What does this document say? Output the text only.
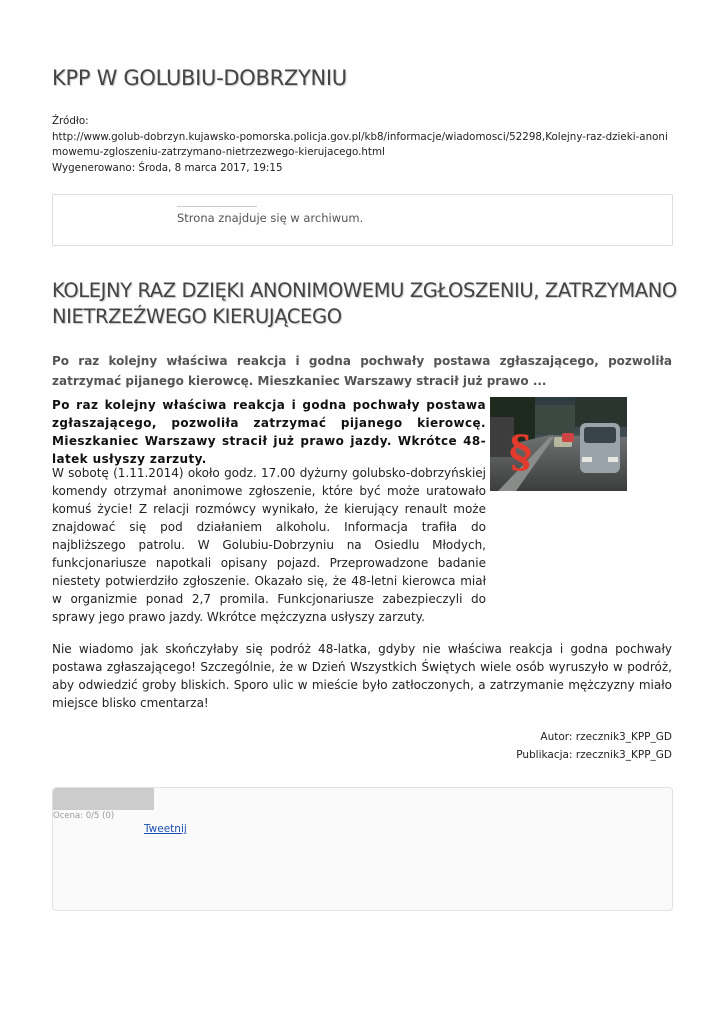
KPP W GOLUBIU-DOBRZYNIU
Źródło:
http://www.golub-dobrzyn.kujawsko-pomorska.policja.gov.pl/kb8/informacje/wiadomosci/52298,Kolejny-raz-dzieki-anonimowemu-zgloszeniu-zatrzymano-nietrzezwego-kierujacego.html
Wygenerowano: Środa, 8 marca 2017, 19:15
Strona znajduje się w archiwum.
KOLEJNY RAZ DZIĘKI ANONIMOWEMU ZGŁOSZENIU, ZATRZYMANO NIETRZEŹWEGO KIERUJĄCEGO
Po raz kolejny właściwa reakcja i godna pochwały postawa zgłaszającego, pozwoliła zatrzymać pijanego kierowcę. Mieszkaniec Warszawy stracił już prawo ...
Po raz kolejny właściwa reakcja i godna pochwały postawa zgłaszającego, pozwoliła zatrzymać pijanego kierowcę. Mieszkaniec Warszawy stracił już prawo jazdy. Wkrótce 48-latek usłyszy zarzuty.	§
W sobotę (1.11.2014) około godz. 17.00 dyżurny golubsko-dobrzyńskiej komendy otrzymał anonimowe zgłoszenie, które być może uratowało komuś życie! Z relacji rozmówcy wynikało, że kierujący renault może znajdować się pod działaniem alkoholu. Informacja trafiła do najbliższego patrolu. W Golubiu-Dobrzyniu na Osiedlu Młodych, funkcjonariusze napotkali opisany pojazd. Przeprowadzone badanie niestety potwierdziło zgłoszenie. Okazało się, że 48-letni kierowca miał w organizmie ponad 2,7 promila. Funkcjonariusze zabezpieczyli do sprawy jego prawo jazdy. Wkrótce mężczyzna usłyszy zarzuty.
Nie wiadomo jak skończyłaby się podróż 48-latka, gdyby nie właściwa reakcja i godna pochwały postawa zgłaszającego! Szczególnie, że w Dzień Wszystkich Świętych wiele osób wyruszyło w podróż, aby odwiedzić groby bliskich. Sporo ulic w mieście było zatłoczonych, a zatrzymanie mężczyzny miało miejsce blisko cmentarza!
Autor: rzecznik3_KPP_GD
Publikacja: rzecznik3_KPP_GD
Ocena: 0/5 (0)
Tweetnij
